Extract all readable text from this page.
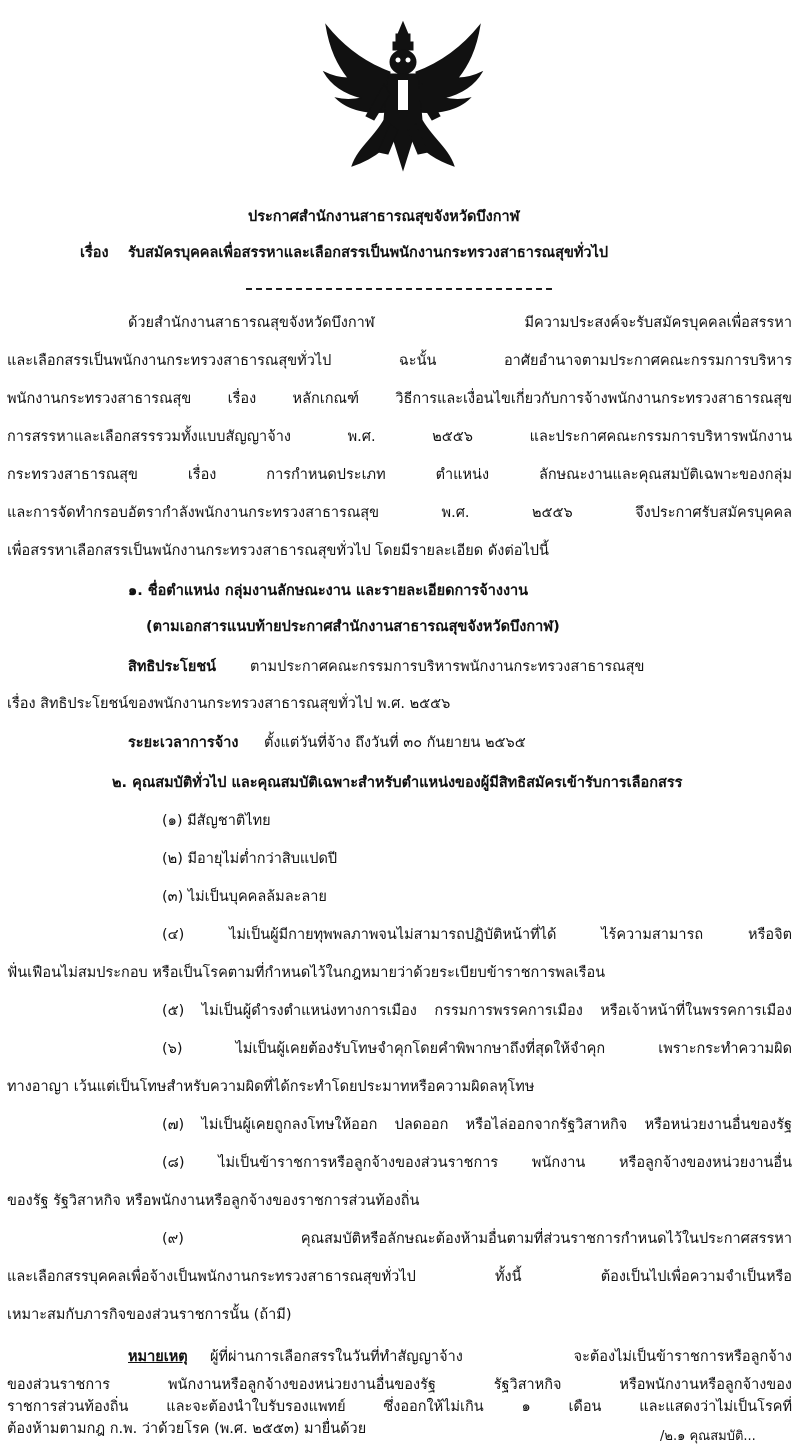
ประกาศสำนักงานสาธารณสุขจังหวัดบึงกาฬ
เรื่อง รับสมัครบุคคลเพื่อสรรหาและเลือกสรรเป็นพนักงานกระทรวงสาธารณสุขทั่วไป
ด้วยสำนักงานสาธารณสุขจังหวัดบึงกาฬ มีความประสงค์จะรับสมัครบุคคลเพื่อสรรหา
และเลือกสรรเป็นพนักงานกระทรวงสาธารณสุขทั่วไป ฉะนั้น อาศัยอำนาจตามประกาศคณะกรรมการบริหาร
พนักงานกระทรวงสาธารณสุข เรื่อง หลักเกณฑ์ วิธีการและเงื่อนไขเกี่ยวกับการจ้างพนักงานกระทรวงสาธารณสุข
การสรรหาและเลือกสรรรวมทั้งแบบสัญญาจ้าง พ.ศ. ๒๕๕๖ และประกาศคณะกรรมการบริหารพนักงาน
กระทรวงสาธารณสุข เรื่อง การกำหนดประเภท ตำแหน่ง ลักษณะงานและคุณสมบัติเฉพาะของกลุ่ม
และการจัดทำกรอบอัตรากำลังพนักงานกระทรวงสาธารณสุข พ.ศ. ๒๕๕๖ จึงประกาศรับสมัครบุคคล
เพื่อสรรหาเลือกสรรเป็นพนักงานกระทรวงสาธารณสุขทั่วไป โดยมีรายละเอียด ดังต่อไปนี้
๑. ชื่อตำแหน่ง กลุ่มงานลักษณะงาน และรายละเอียดการจ้างงาน
(ตามเอกสารแนบท้ายประกาศสำนักงานสาธารณสุขจังหวัดบึงกาฬ)
สิทธิประโยชน์ ตามประกาศคณะกรรมการบริหารพนักงานกระทรวงสาธารณสุข
เรื่อง สิทธิประโยชน์ของพนักงานกระทรวงสาธารณสุขทั่วไป พ.ศ. ๒๕๕๖
ระยะเวลาการจ้าง ตั้งแต่วันที่จ้าง ถึงวันที่ ๓๐ กันยายน ๒๕๖๕
๒. คุณสมบัติทั่วไป และคุณสมบัติเฉพาะสำหรับตำแหน่งของผู้มีสิทธิสมัครเข้ารับการเลือกสรร
(๑) มีสัญชาติไทย
(๒) มีอายุไม่ต่ำกว่าสิบแปดปี
(๓) ไม่เป็นบุคคลล้มละลาย
(๔) ไม่เป็นผู้มีกายทุพพลภาพจนไม่สามารถปฏิบัติหน้าที่ได้ ไร้ความสามารถ หรือจิต
ฟั่นเฟือนไม่สมประกอบ หรือเป็นโรคตามที่กำหนดไว้ในกฎหมายว่าด้วยระเบียบข้าราชการพลเรือน
(๕) ไม่เป็นผู้ดำรงตำแหน่งทางการเมือง กรรมการพรรคการเมือง หรือเจ้าหน้าที่ในพรรคการเมือง
(๖) ไม่เป็นผู้เคยต้องรับโทษจำคุกโดยคำพิพากษาถึงที่สุดให้จำคุก เพราะกระทำความผิด
ทางอาญา เว้นแต่เป็นโทษสำหรับความผิดที่ได้กระทำโดยประมาทหรือความผิดลหุโทษ
(๗) ไม่เป็นผู้เคยถูกลงโทษให้ออก ปลดออก หรือไล่ออกจากรัฐวิสาหกิจ หรือหน่วยงานอื่นของรัฐ
(๘) ไม่เป็นข้าราชการหรือลูกจ้างของส่วนราชการ พนักงาน หรือลูกจ้างของหน่วยงานอื่น
ของรัฐ รัฐวิสาหกิจ หรือพนักงานหรือลูกจ้างของราชการส่วนท้องถิ่น
(๙) คุณสมบัติหรือลักษณะต้องห้ามอื่นตามที่ส่วนราชการกำหนดไว้ในประกาศสรรหา
และเลือกสรรบุคคลเพื่อจ้างเป็นพนักงานกระทรวงสาธารณสุขทั่วไป ทั้งนี้ ต้องเป็นไปเพื่อความจำเป็นหรือ
เหมาะสมกับภารกิจของส่วนราชการนั้น (ถ้ามี)
หมายเหตุ ผู้ที่ผ่านการเลือกสรรในวันที่ทำสัญญาจ้าง จะต้องไม่เป็นข้าราชการหรือลูกจ้าง
ของส่วนราชการ พนักงานหรือลูกจ้างของหน่วยงานอื่นของรัฐ รัฐวิสาหกิจ หรือพนักงานหรือลูกจ้างของ
ราชการส่วนท้องถิ่น และจะต้องนำใบรับรองแพทย์ ซึ่งออกให้ไม่เกิน ๑ เดือน และแสดงว่าไม่เป็นโรคที่
ต้องห้ามตามกฎ ก.พ. ว่าด้วยโรค (พ.ศ. ๒๕๕๓) มายื่นด้วย	/๒.๑ คุณสมบัติ...
